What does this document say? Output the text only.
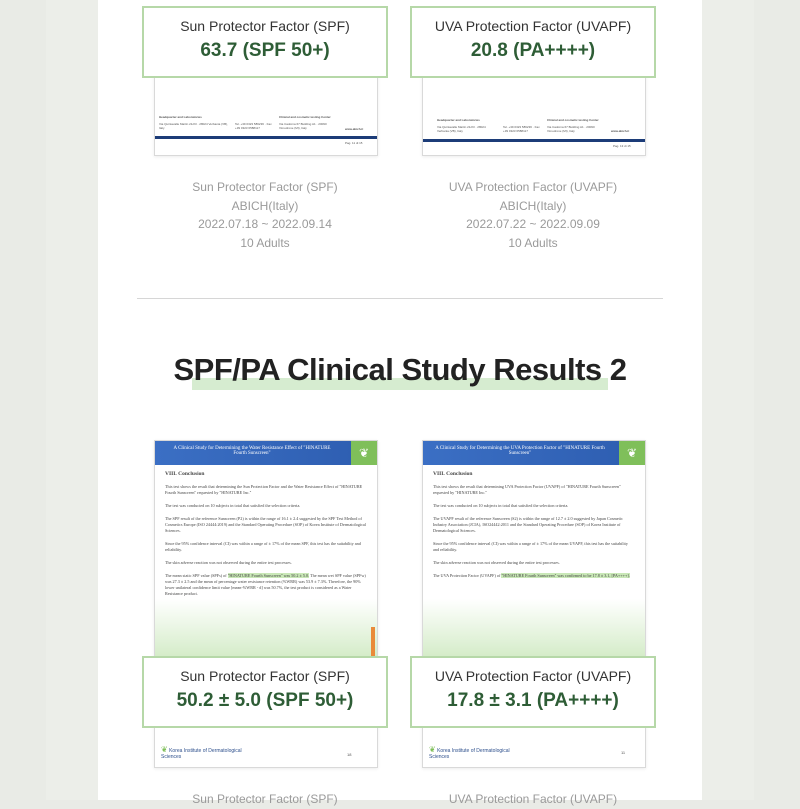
Headquarter and Laboratories	Clinical and cosmetic testing Center
Via Quintavalle Martin 21/23 · 28024 Verbania (VB), Italy
Tel. +39 0323 586236 · Fax +39 0323 6588117
Via Cadorna 67 Building A1 · 20090 Vimodrone (MI), Italy	www.abich.it
Pag. 11 di 15
Sun Protector Factor (SPF)
63.7 (SPF 50+)
Sun Protector Factor (SPF)
ABICH(Italy)
2022.07.18 ~ 2022.09.14
10 Adults
Headquarter and Laboratories	Clinical and cosmetic testing Center
Via Quintavalle Martin 21/23 · 28024 Verbania (VB), Italy
Tel. +39 0323 586236 · Fax +39 0323 6588117
Via Cadorna 67 Building A1 · 20090 Vimodrone (MI), Italy	www.abich.it
Pag. 13 di 15
UVA Protection Factor (UVAPF)
20.8 (PA++++)
UVA Protection Factor (UVAPF)
ABICH(Italy)
2022.07.22 ~ 2022.09.09
10 Adults
SPF/PA Clinical Study Results 2
A Clinical Study for Determining the Water Resistance Effect of "HINATURE Fourth Sunscreen"	❦

VIII. Conclusion

This test shows the result that determining the Sun Protection Factor and the Water Resistance Effect of "HINATURE Fourth Sunscreen" requested by "HINATURE Inc."

The test was conducted on 10 subjects in total that satisfied the selection criteria.

The SPF result of the reference Sunscreen (P2) is within the range of 16.1 ± 2.4 suggested by the SPF Test Method of Cosmetics Europe (ISO 24444:2019) and the Standard Operating Procedure (SOP) of Korea Institute of Dermatological Sciences.

Since the 95% confidence interval (CI) was within a range of ± 17% of the mean SPF, this test has the suitability and reliability.

The skin adverse reaction was not observed during the entire test processes.

The mean static SPF value (SPFs) of "HINATURE Fourth Sunscreen" was 50.2 ± 5.0. The mean wet SPF value (SPFw) was 27.3 ± 2.5 and the mean of percentage water resistance retention (%WRR) was 53.9 ± 7.3%. Therefore, the 90% lower unilateral confidence limit value [mean-%WRR - d] was 50.7%, the test product is considered as a Water Resistance product.

❦ Korea Institute of Dermatological Sciences	18
Sun Protector Factor (SPF)
50.2 ± 5.0 (SPF 50+)
A Clinical Study for Determining the UVA Protection Factor of "HINATURE Fourth Sunscreen"	❦

VIII. Conclusion

This test shows the result that determining UVA Protection Factor (UVAPF) of "HINATURE Fourth Sunscreen" requested by "HINATURE Inc."

The test was conducted on 10 subjects in total that satisfied the selection criteria.

The UVAPF result of the reference Sunscreen (S2) is within the range of 12.7 ± 2.0 suggested by Japan Cosmetic Industry Association (JCIA), ISO24442:2011 and the Standard Operating Procedure (SOP) of Korea Institute of Dermatological Sciences.

Since the 95% confidence interval (CI) was within a range of ± 17% of the mean UVAPF, this test has the suitability and reliability.

The skin adverse reaction was not observed during the entire test processes.

The UVA Protection Factor (UVAPF) of "HINATURE Fourth Sunscreen" was confirmed to be 17.8 ± 3.1, [PA++++].

❦ Korea Institute of Dermatological Sciences
11
UVA Protection Factor (UVAPF)
17.8 ± 3.1 (PA++++)
Sun Protector Factor (SPF)	UVA Protection Factor (UVAPF)
